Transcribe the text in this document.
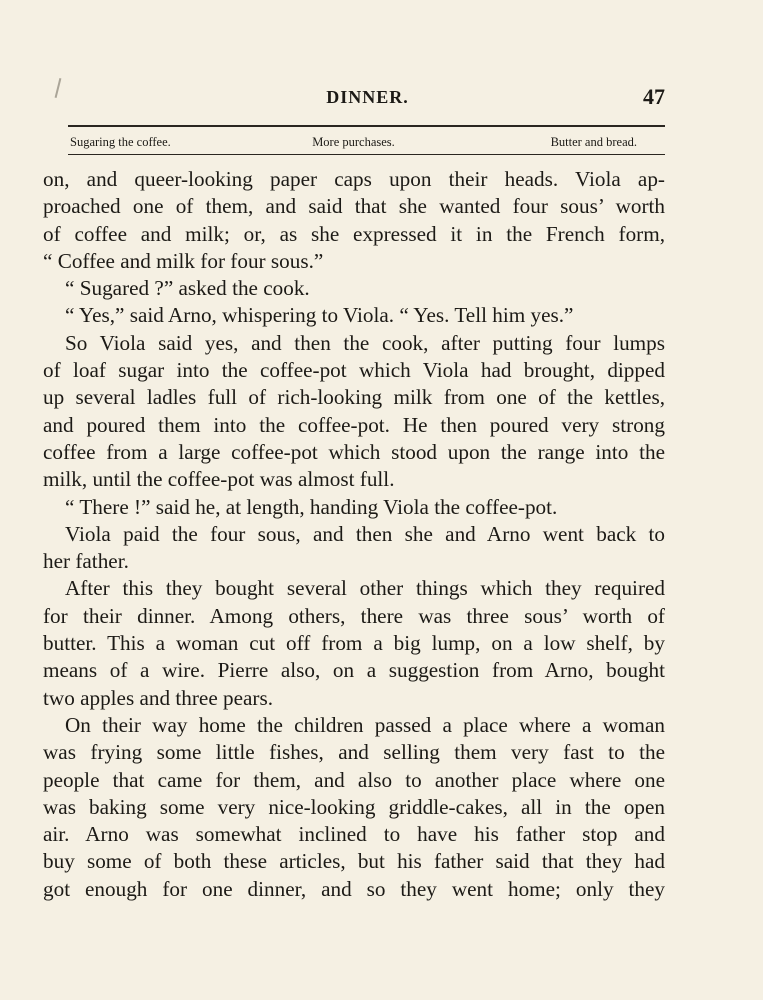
DINNER.	47
Sugaring the coffee.	More purchases.	Butter and bread.
on, and queer-looking paper caps upon their heads. Viola ap-
proached one of them, and said that she wanted four sous’ worth
of coffee and milk; or, as she expressed it in the French form,
“ Coffee and milk for four sous.”
“ Sugared ?” asked the cook.
“ Yes,” said Arno, whispering to Viola. “ Yes. Tell him yes.”
So Viola said yes, and then the cook, after putting four lumps
of loaf sugar into the coffee-pot which Viola had brought, dipped
up several ladles full of rich-looking milk from one of the kettles,
and poured them into the coffee-pot. He then poured very strong
coffee from a large coffee-pot which stood upon the range into the
milk, until the coffee-pot was almost full.
“ There !” said he, at length, handing Viola the coffee-pot.
Viola paid the four sous, and then she and Arno went back to
her father.
After this they bought several other things which they required
for their dinner. Among others, there was three sous’ worth of
butter. This a woman cut off from a big lump, on a low shelf, by
means of a wire. Pierre also, on a suggestion from Arno, bought
two apples and three pears.
On their way home the children passed a place where a woman
was frying some little fishes, and selling them very fast to the
people that came for them, and also to another place where one
was baking some very nice-looking griddle-cakes, all in the open
air. Arno was somewhat inclined to have his father stop and
buy some of both these articles, but his father said that they had
got enough for one dinner, and so they went home; only they
